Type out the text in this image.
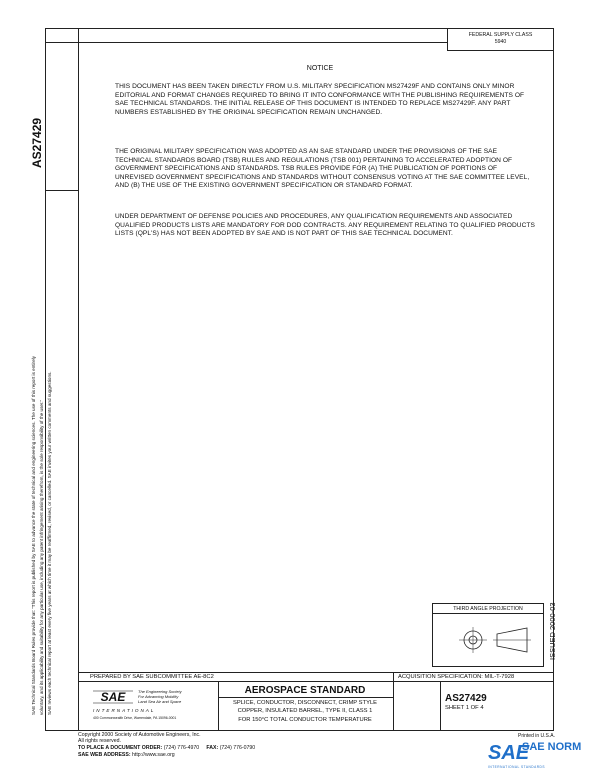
FEDERAL SUPPLY CLASS
5940
AS27429
SAE Technical Standards Board Rules provide that: "This report is published by SAE to advance the state of technical and engineering sciences. The use of this report is entirely voluntary, and its applicability and suitability for any particular use, including any patent infringement arising therefrom, is the sole responsibility of the user." SAE reviews each technical report at least every five years at which time it may be reaffirmed, revised, or cancelled. SAE invites your written comments and suggestions.
NOTICE
THIS DOCUMENT HAS BEEN TAKEN DIRECTLY FROM U.S. MILITARY SPECIFICATION MS27429F AND CONTAINS ONLY MINOR EDITORIAL AND FORMAT CHANGES REQUIRED TO BRING IT INTO CONFORMANCE WITH THE PUBLISHING REQUIREMENTS OF SAE TECHNICAL STANDARDS. THE INITIAL RELEASE OF THIS DOCUMENT IS INTENDED TO REPLACE MS27429F. ANY PART NUMBERS ESTABLISHED BY THE ORIGINAL SPECIFICATION REMAIN UNCHANGED.
THE ORIGINAL MILITARY SPECIFICATION WAS ADOPTED AS AN SAE STANDARD UNDER THE PROVISIONS OF THE SAE TECHNICAL STANDARDS BOARD (TSB) RULES AND REGULATIONS (TSB 001) PERTAINING TO ACCELERATED ADOPTION OF GOVERNMENT SPECIFICATIONS AND STANDARDS. TSB RULES PROVIDE FOR (A) THE PUBLICATION OF PORTIONS OF UNREVISED GOVERNMENT SPECIFICATIONS AND STANDARDS WITHOUT CONSENSUS VOTING AT THE SAE COMMITTEE LEVEL, AND (B) THE USE OF THE EXISTING GOVERNMENT SPECIFICATION OR STANDARD FORMAT.
UNDER DEPARTMENT OF DEFENSE POLICIES AND PROCEDURES, ANY QUALIFICATION REQUIREMENTS AND ASSOCIATED QUALIFIED PRODUCTS LISTS ARE MANDATORY FOR DOD CONTRACTS. ANY REQUIREMENT RELATING TO QUALIFIED PRODUCTS LISTS (QPL'S) HAS NOT BEEN ADOPTED BY SAE AND IS NOT PART OF THIS SAE TECHNICAL DOCUMENT.
ISSUED 2000-03
THIRD ANGLE PROJECTION
PREPARED BY SAE SUBCOMMITTEE AE-8C2	ACQUISITION SPECIFICATION: MIL-T-7928
AEROSPACE STANDARD
SPLICE, CONDUCTOR, DISCONNECT, CRIMP STYLE
COPPER, INSULATED BARREL, TYPE II, CLASS 1
FOR 150°C TOTAL CONDUCTOR TEMPERATURE
AS27429
SHEET 1 OF 4
SAE	The Engineering Society
For Advancing Mobility
Land Sea Air and Space
INTERNATIONAL
400 Commonwealth Drive, Warrendale, PA 15096-0001
Copyright 2000 Society of Automotive Engineers, Inc.
All rights reserved.
TO PLACE A DOCUMENT ORDER: (724) 776-4970 FAX: (724) 776-0790
SAE WEB ADDRESS: http://www.sae.org
Printed in U.S.A.
SAE
SAE NORM
INTERNATIONAL STANDARDS
